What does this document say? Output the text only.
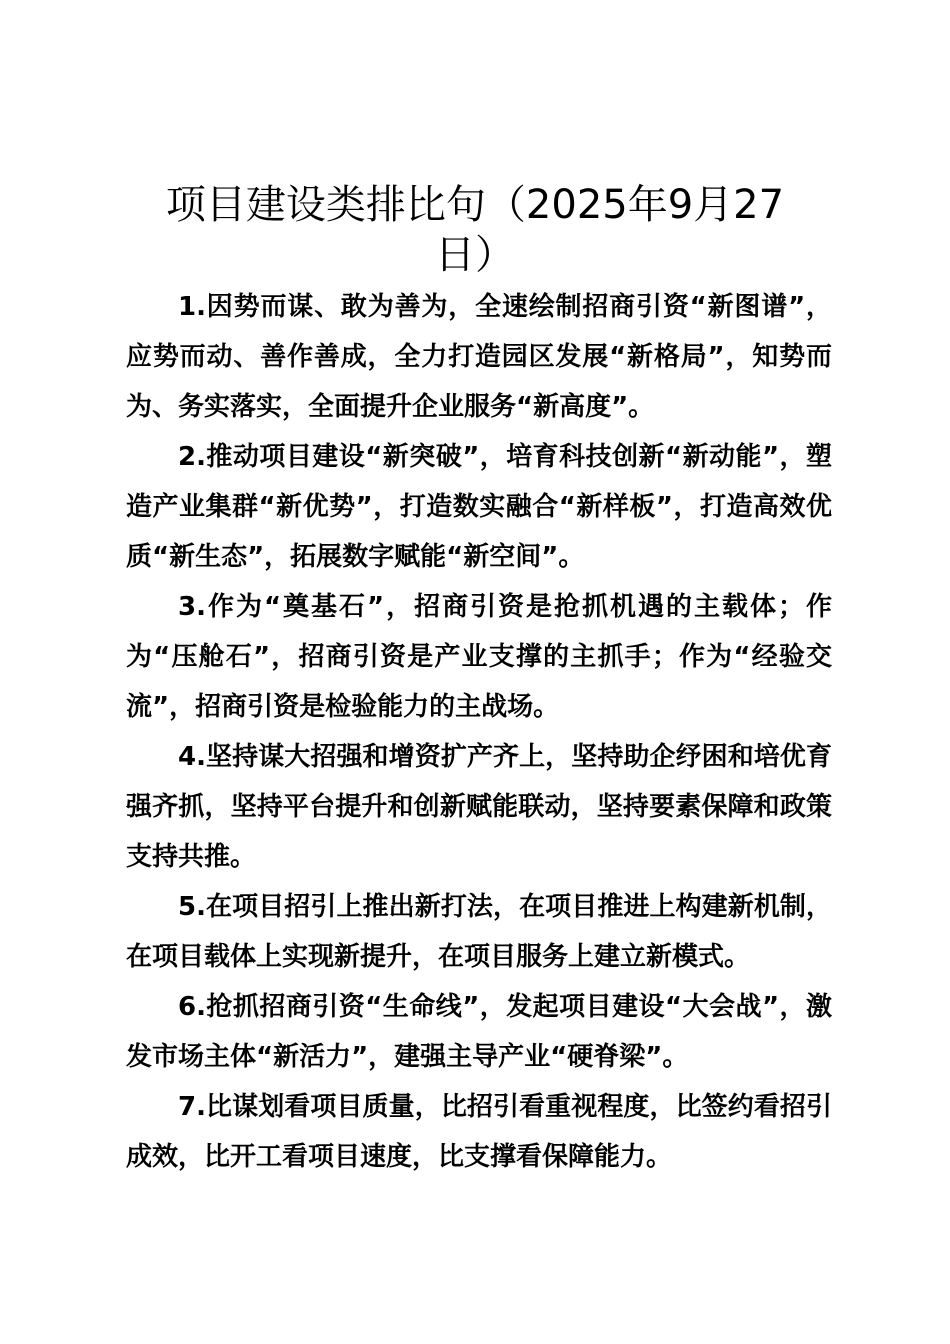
项目建设类排比句（2025年9月27日）

1.因势而谋、敢为善为，全速绘制招商引资“新图谱”，应势而动、善作善成，全力打造园区发展“新格局”，知势而为、务实落实，全面提升企业服务“新高度”。

2.推动项目建设“新突破”，培育科技创新“新动能”，塑造产业集群“新优势”，打造数实融合“新样板”，打造高效优质“新生态”，拓展数字赋能“新空间”。

3.作为“奠基石”，招商引资是抢抓机遇的主载体；作为“压舱石”，招商引资是产业支撑的主抓手；作为“经验交流”，招商引资是检验能力的主战场。

4.坚持谋大招强和增资扩产齐上，坚持助企纾困和培优育强齐抓，坚持平台提升和创新赋能联动，坚持要素保障和政策支持共推。

5.在项目招引上推出新打法，在项目推进上构建新机制，在项目载体上实现新提升，在项目服务上建立新模式。

6.抢抓招商引资“生命线”，发起项目建设“大会战”，激发市场主体“新活力”，建强主导产业“硬脊梁”。

7.比谋划看项目质量，比招引看重视程度，比签约看招引成效，比开工看项目速度，比支撑看保障能力。
